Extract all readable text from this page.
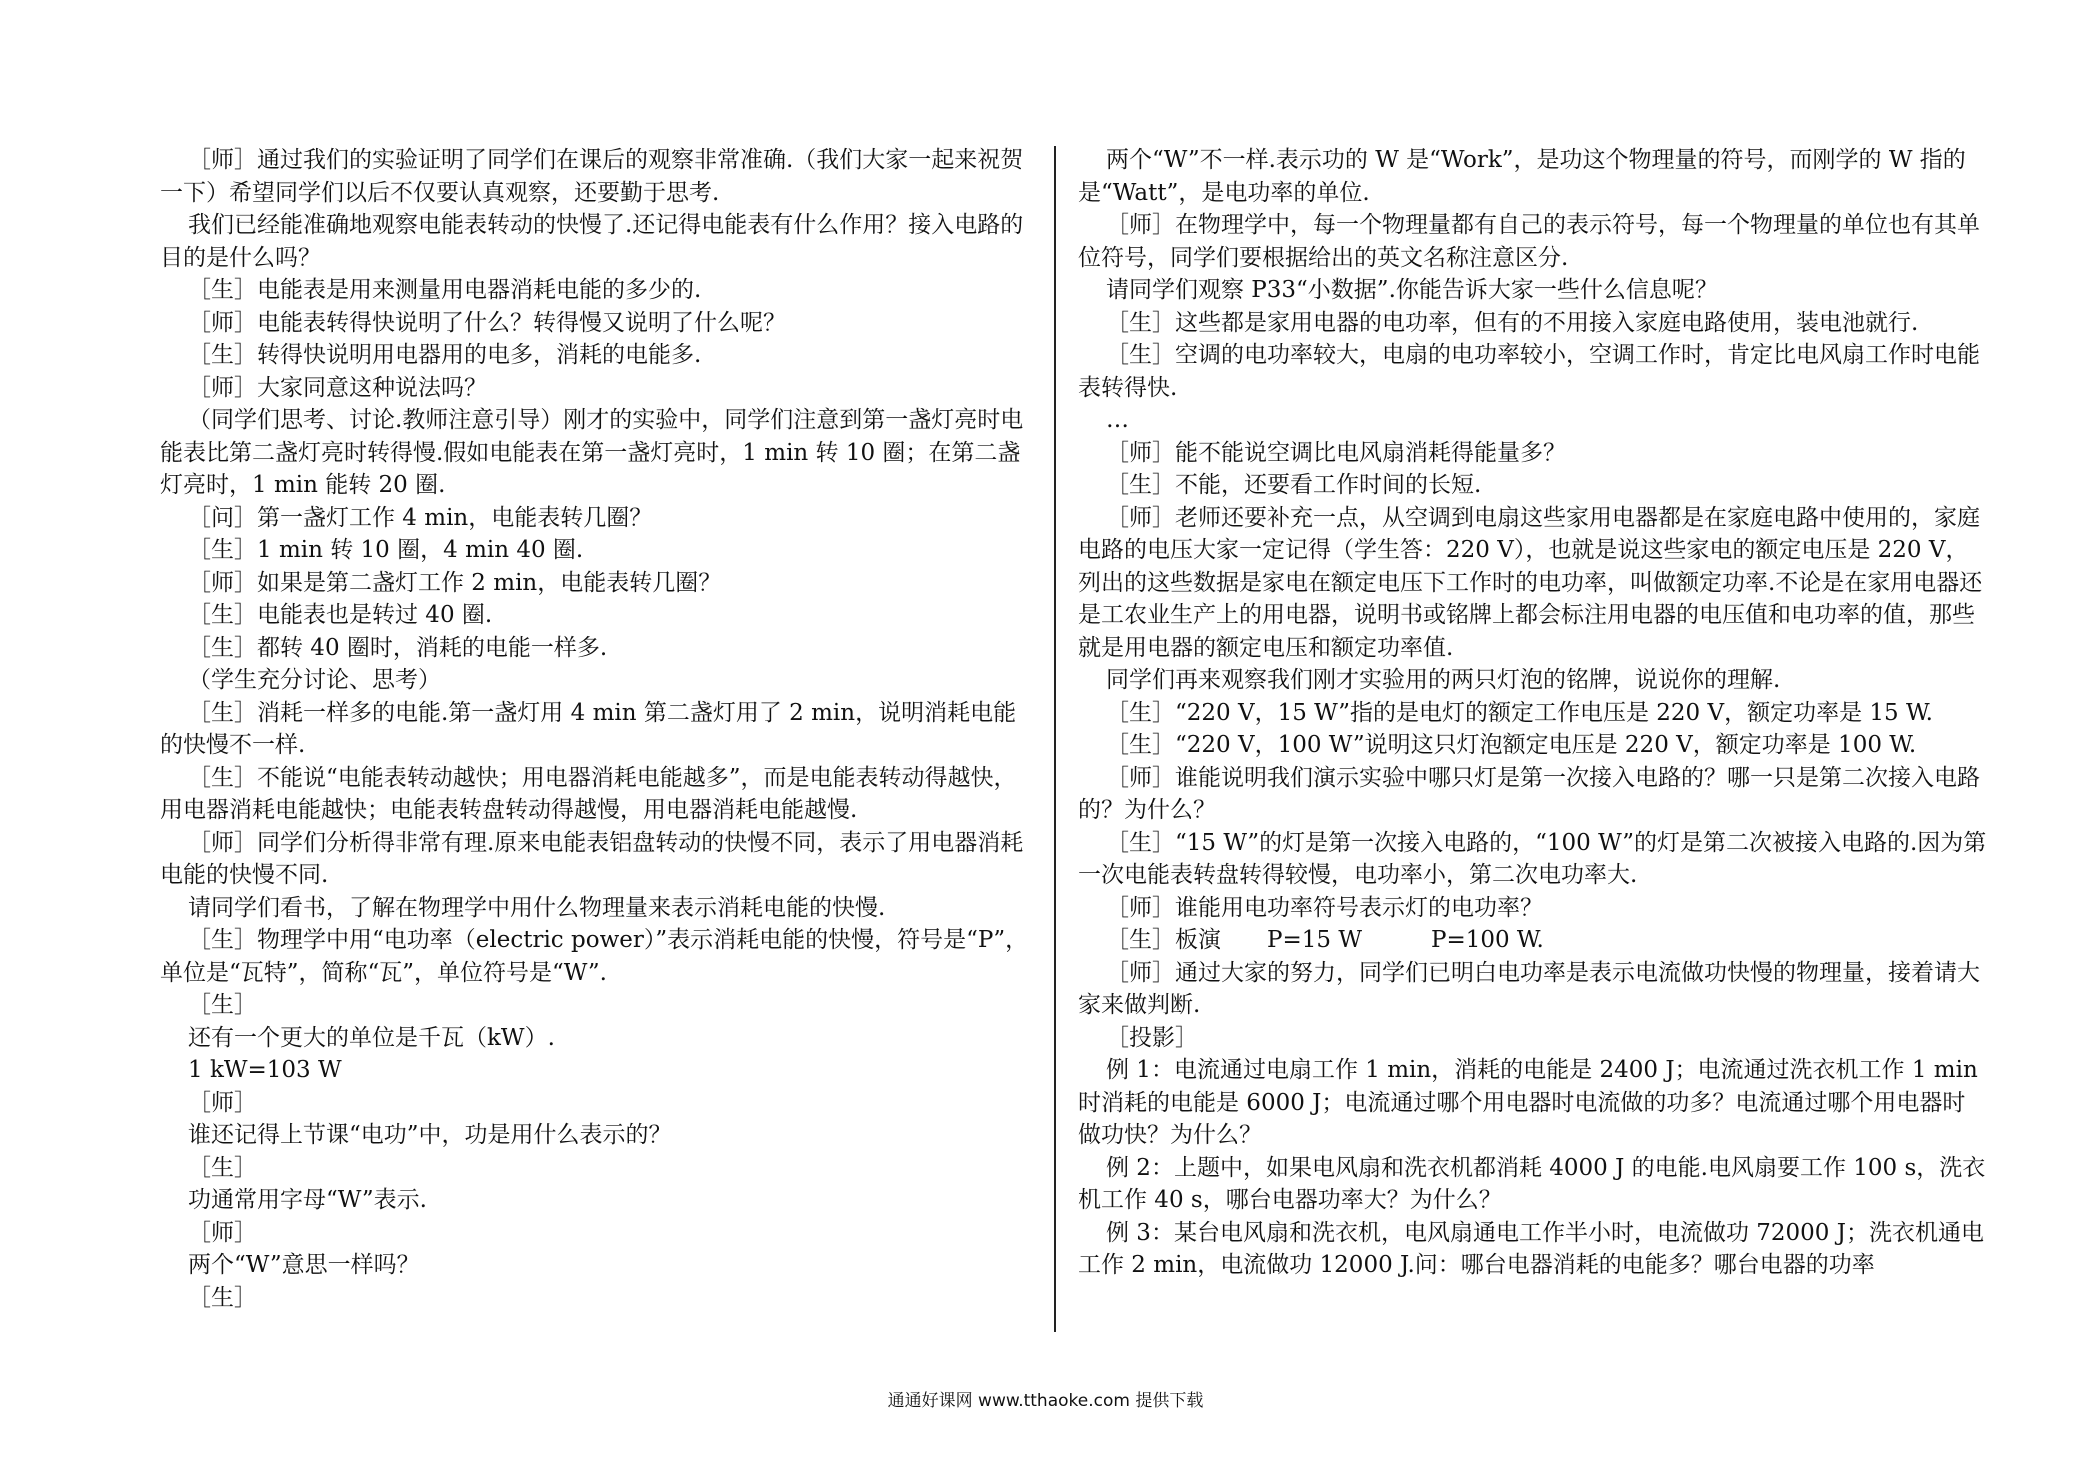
［师］通过我们的实验证明了同学们在课后的观察非常准确.（我们大家一起来祝贺一下）希望同学们以后不仅要认真观察，还要勤于思考.

我们已经能准确地观察电能表转动的快慢了.还记得电能表有什么作用？接入电路的目的是什么吗？

［生］电能表是用来测量用电器消耗电能的多少的.

［师］电能表转得快说明了什么？转得慢又说明了什么呢？

［生］转得快说明用电器用的电多，消耗的电能多.

［师］大家同意这种说法吗？

（同学们思考、讨论.教师注意引导）刚才的实验中，同学们注意到第一盏灯亮时电能表比第二盏灯亮时转得慢.假如电能表在第一盏灯亮时，1 min 转 10 圈；在第二盏灯亮时，1 min 能转 20 圈.

［问］第一盏灯工作 4 min，电能表转几圈？

［生］1 min 转 10 圈，4 min 40 圈.

［师］如果是第二盏灯工作 2 min，电能表转几圈？

［生］电能表也是转过 40 圈.

［生］都转 40 圈时，消耗的电能一样多.

（学生充分讨论、思考）

［生］消耗一样多的电能.第一盏灯用 4 min 第二盏灯用了 2 min，说明消耗电能的快慢不一样.

［生］不能说“电能表转动越快；用电器消耗电能越多”，而是电能表转动得越快，用电器消耗电能越快；电能表转盘转动得越慢，用电器消耗电能越慢.

［师］同学们分析得非常有理.原来电能表铝盘转动的快慢不同，表示了用电器消耗电能的快慢不同.

请同学们看书，了解在物理学中用什么物理量来表示消耗电能的快慢.

［生］物理学中用“电功率（electric power）”表示消耗电能的快慢，符号是“P”，单位是“瓦特”，简称“瓦”，单位符号是“W”.

［生］

还有一个更大的单位是千瓦（kW）.

1 kW=103 W

［师］

谁还记得上节课“电功”中，功是用什么表示的？

［生］

功通常用字母“W”表示.

［师］

两个“W”意思一样吗？

［生］

两个“W”不一样.表示功的 W 是“Work”，是功这个物理量的符号，而刚学的 W 指的是“Watt”，是电功率的单位.

［师］在物理学中，每一个物理量都有自己的表示符号，每一个物理量的单位也有其单位符号，同学们要根据给出的英文名称注意区分.

请同学们观察 P33“小数据”.你能告诉大家一些什么信息呢？

［生］这些都是家用电器的电功率，但有的不用接入家庭电路使用，装电池就行.

［生］空调的电功率较大，电扇的电功率较小，空调工作时，肯定比电风扇工作时电能表转得快.

…

［师］能不能说空调比电风扇消耗得能量多？

［生］不能，还要看工作时间的长短.

［师］老师还要补充一点，从空调到电扇这些家用电器都是在家庭电路中使用的，家庭电路的电压大家一定记得（学生答：220 V），也就是说这些家电的额定电压是 220 V，列出的这些数据是家电在额定电压下工作时的电功率，叫做额定功率.不论是在家用电器还是工农业生产上的用电器，说明书或铭牌上都会标注用电器的电压值和电功率的值，那些就是用电器的额定电压和额定功率值.

同学们再来观察我们刚才实验用的两只灯泡的铭牌，说说你的理解.

［生］“220 V，15 W”指的是电灯的额定工作电压是 220 V，额定功率是 15 W.

［生］“220 V，100 W”说明这只灯泡额定电压是 220 V，额定功率是 100 W.

［师］谁能说明我们演示实验中哪只灯是第一次接入电路的？哪一只是第二次接入电路的？为什么？

［生］“15 W”的灯是第一次接入电路的，“100 W”的灯是第二次被接入电路的.因为第一次电能表转盘转得较慢，电功率小，第二次电功率大.

［师］谁能用电功率符号表示灯的电功率？

［生］板演　　P=15 W　　　P=100 W.

［师］通过大家的努力，同学们已明白电功率是表示电流做功快慢的物理量，接着请大家来做判断.

［投影］

例 1：电流通过电扇工作 1 min，消耗的电能是 2400 J；电流通过洗衣机工作 1 min 时消耗的电能是 6000 J；电流通过哪个用电器时电流做的功多？电流通过哪个用电器时做功快？为什么？

例 2：上题中，如果电风扇和洗衣机都消耗 4000 J 的电能.电风扇要工作 100 s，洗衣机工作 40 s，哪台电器功率大？为什么？

例 3：某台电风扇和洗衣机，电风扇通电工作半小时，电流做功 72000 J；洗衣机通电工作 2 min，电流做功 12000 J.问：哪台电器消耗的电能多？哪台电器的功率

通通好课网 www.tthaoke.com 提供下载
